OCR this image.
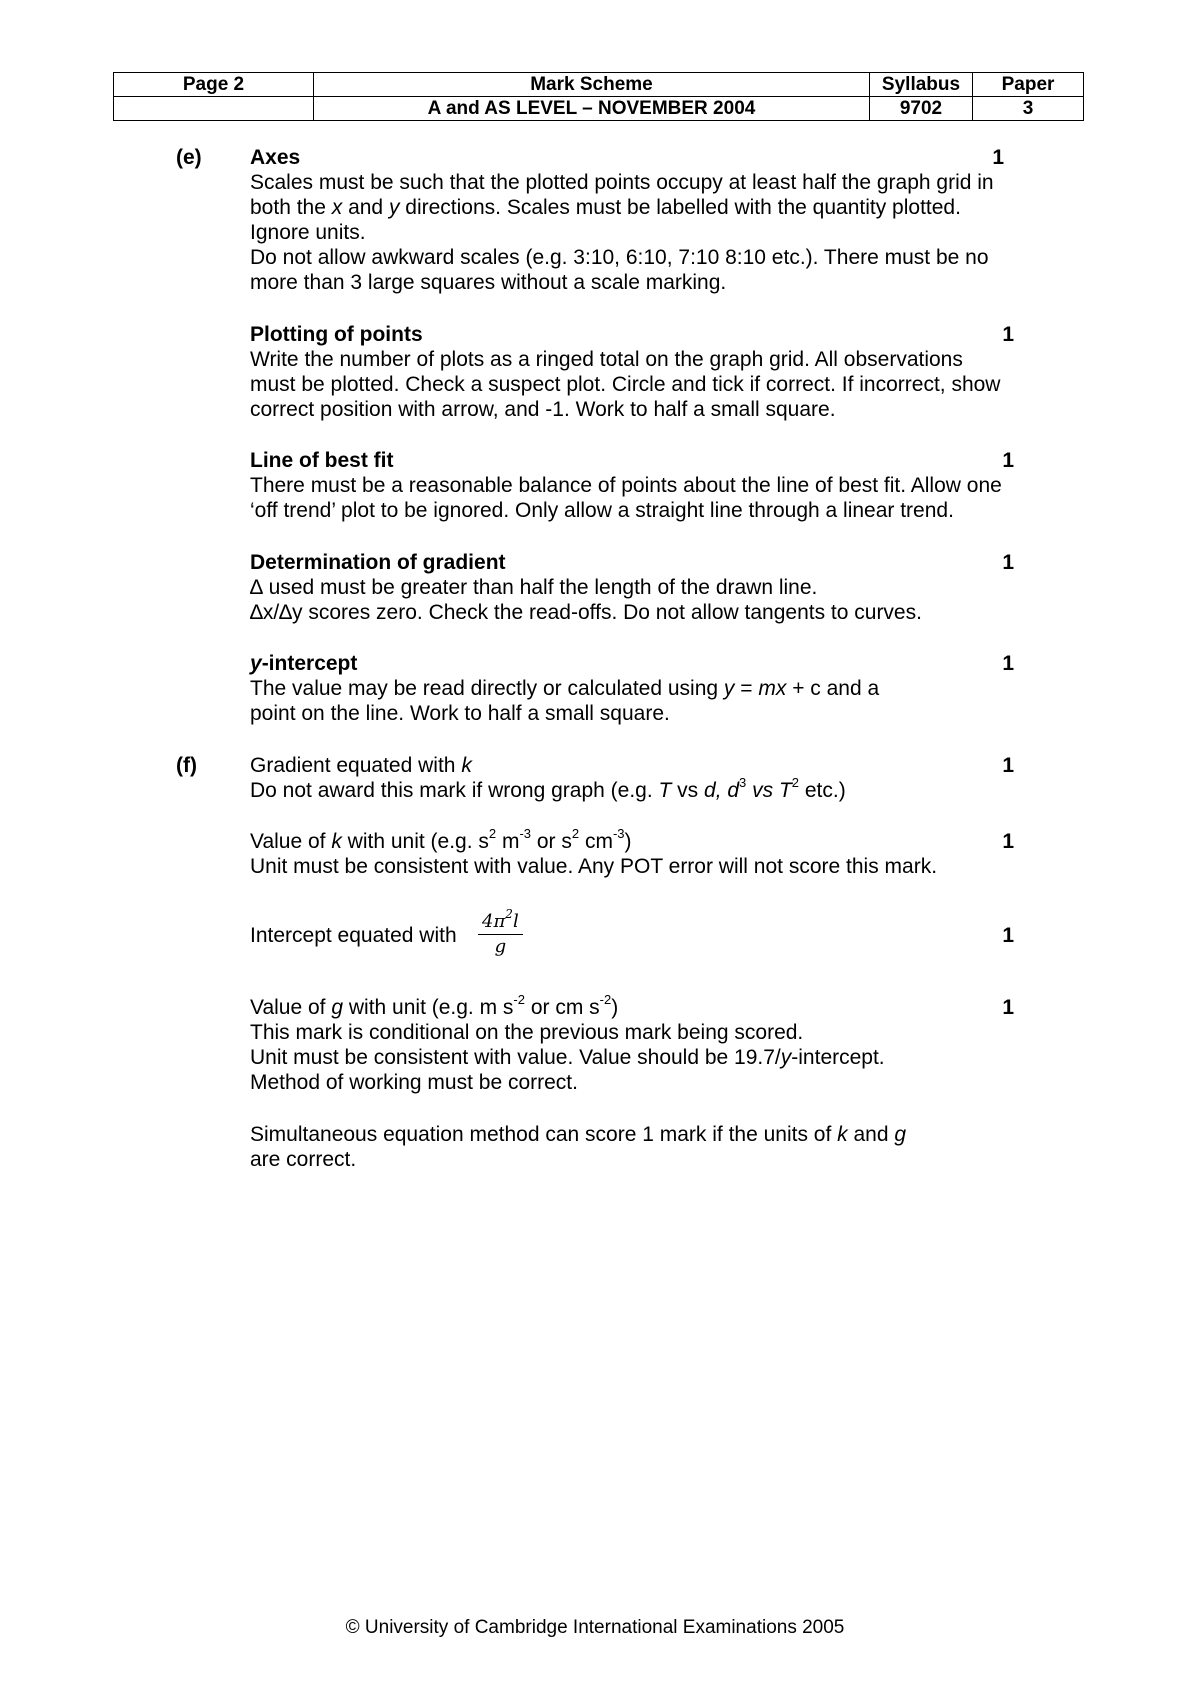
Page 2	Mark Scheme	Syllabus	Paper
	A and AS LEVEL – NOVEMBER 2004	9702	3
(e) Axes	1
Scales must be such that the plotted points occupy at least half the graph grid in
both the x and y directions. Scales must be labelled with the quantity plotted.
Ignore units.
Do not allow awkward scales (e.g. 3:10, 6:10, 7:10 8:10 etc.). There must be no
more than 3 large squares without a scale marking.
Plotting of points	1
Write the number of plots as a ringed total on the graph grid. All observations
must be plotted. Check a suspect plot. Circle and tick if correct. If incorrect, show
correct position with arrow, and -1. Work to half a small square.
Line of best fit	1
There must be a reasonable balance of points about the line of best fit. Allow one
‘off trend’ plot to be ignored. Only allow a straight line through a linear trend.
Determination of gradient	1
∆ used must be greater than half the length of the drawn line.
∆x/∆y scores zero. Check the read-offs. Do not allow tangents to curves.
y-intercept	1
The value may be read directly or calculated using y = mx + c and a
point on the line. Work to half a small square.
(f)	Gradient equated with k	1
Do not award this mark if wrong graph (e.g. T vs d, $d^3$ vs $T^2$ etc.)
Value of k with unit (e.g. $s^2$ $m^{-3}$ or $s^2$ $cm^{-3}$)	1
Unit must be consistent with value. Any POT error will not score this mark.
Intercept equated with $\frac{4\pi^2l}{g}$	1
Value of g with unit (e.g. m $s^{-2}$ or cm $s^{-2}$)	1
This mark is conditional on the previous mark being scored.
Unit must be consistent with value. Value should be 19.7/y-intercept.
Method of working must be correct.
Simultaneous equation method can score 1 mark if the units of k and g
are correct.
© University of Cambridge International Examinations 2005
